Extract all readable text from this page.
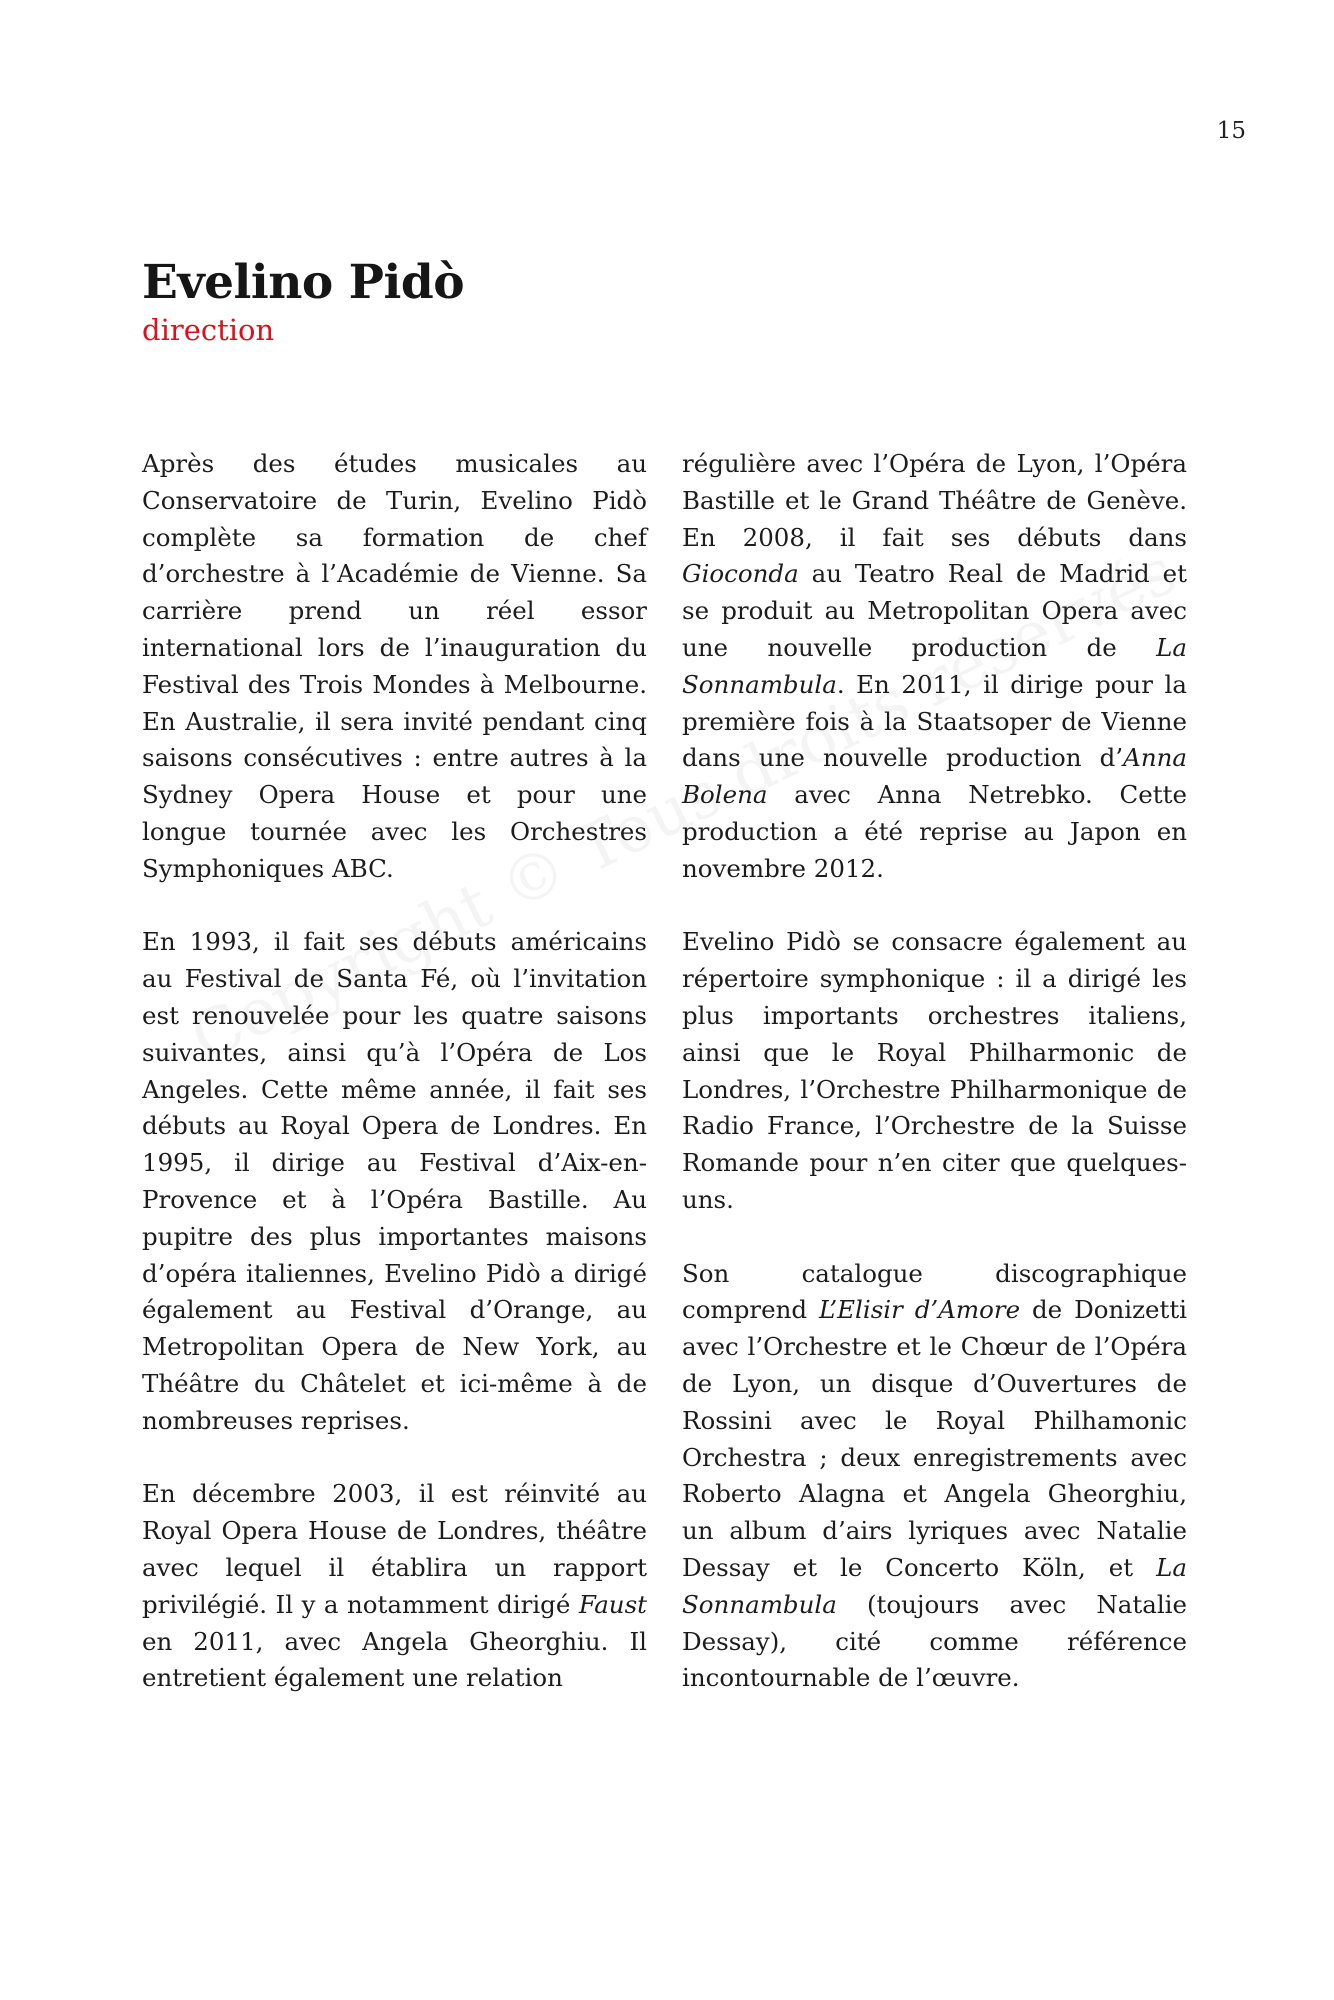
15
Evelino Pidò

direction

Après des études musicales au Conservatoire de Turin, Evelino Pidò complète sa formation de chef d’orchestre à l’Académie de Vienne. Sa carrière prend un réel essor international lors de l’inauguration du Festival des Trois Mondes à Melbourne. En Australie, il sera invité pendant cinq saisons consécutives : entre autres à la Sydney Opera House et pour une longue tournée avec les Orchestres Symphoniques ABC.

En 1993, il fait ses débuts américains au Festival de Santa Fé, où l’invitation est renouvelée pour les quatre saisons suivantes, ainsi qu’à l’Opéra de Los Angeles. Cette même année, il fait ses débuts au Royal Opera de Londres. En 1995, il dirige au Festival d’Aix-en-Provence et à l’Opéra Bastille. Au pupitre des plus importantes maisons d’opéra italiennes, Evelino Pidò a dirigé également au Festival d’Orange, au Metropolitan Opera de New York, au Théâtre du Châtelet et ici-même à de nombreuses reprises.

En décembre 2003, il est réinvité au Royal Opera House de Londres, théâtre avec lequel il établira un rapport privilégié. Il y a notamment dirigé Faust en 2011, avec Angela Gheorghiu. Il entretient également une relation

régulière avec l’Opéra de Lyon, l’Opéra Bastille et le Grand Théâtre de Genève. En 2008, il fait ses débuts dans Gioconda au Teatro Real de Madrid et se produit au Metropolitan Opera avec une nouvelle production de La Sonnambula. En 2011, il dirige pour la première fois à la Staatsoper de Vienne dans une nouvelle production d’Anna Bolena avec Anna Netrebko. Cette production a été reprise au Japon en novembre 2012.

Evelino Pidò se consacre également au répertoire symphonique : il a dirigé les plus importants orchestres italiens, ainsi que le Royal Philharmonic de Londres, l’Orchestre Philharmonique de Radio France, l’Orchestre de la Suisse Romande pour n’en citer que quelques-uns.

Son catalogue discographique comprend L’Elisir d’Amore de Donizetti avec l’Orchestre et le Chœur de l’Opéra de Lyon, un disque d’Ouvertures de Rossini avec le Royal Philhamonic Orchestra ; deux enregistrements avec Roberto Alagna et Angela Gheorghiu, un album d’airs lyriques avec Natalie Dessay et le Concerto Köln, et La Sonnambula (toujours avec Natalie Dessay), cité comme référence incontournable de l’œuvre.
